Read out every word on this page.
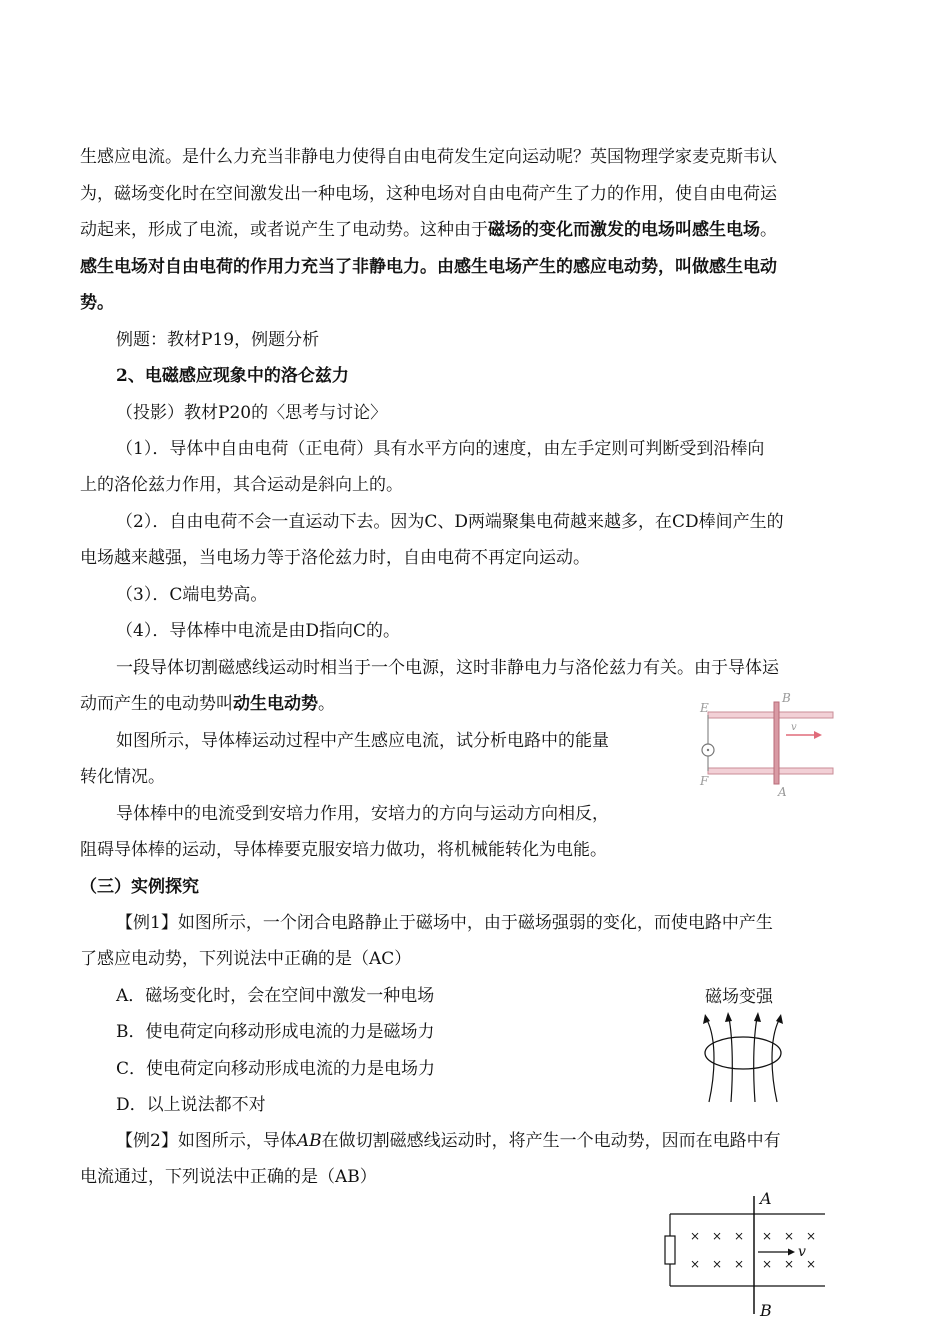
生感应电流。是什么力充当非静电力使得自由电荷发生定向运动呢？英国物理学家麦克斯韦认
为，磁场变化时在空间激发出一种电场，这种电场对自由电荷产生了力的作用，使自由电荷运
动起来，形成了电流，或者说产生了电动势。这种由于磁场的变化而激发的电场叫感生电场。
感生电场对自由电荷的作用力充当了非静电力。由感生电场产生的感应电动势，叫做感生电动
势。
例题：教材P19，例题分析
2、电磁感应现象中的洛仑兹力
（投影）教材P20的〈思考与讨论〉
（1）．导体中自由电荷（正电荷）具有水平方向的速度，由左手定则可判断受到沿棒向
上的洛伦兹力作用，其合运动是斜向上的。
（2）．自由电荷不会一直运动下去。因为C、D两端聚集电荷越来越多，在CD棒间产生的
电场越来越强，当电场力等于洛伦兹力时，自由电荷不再定向运动。
（3）．C端电势高。
（4）．导体棒中电流是由D指向C的。
一段导体切割磁感线运动时相当于一个电源，这时非静电力与洛伦兹力有关。由于导体运
动而产生的电动势叫动生电动势。
如图所示，导体棒运动过程中产生感应电流，试分析电路中的能量
转化情况。
导体棒中的电流受到安培力作用，安培力的方向与运动方向相反，
阻碍导体棒的运动，导体棒要克服安培力做功，将机械能转化为电能。
v
E
F
B
A
（三）实例探究
【例1】如图所示，一个闭合电路静止于磁场中，由于磁场强弱的变化，而使电路中产生
了感应电动势，下列说法中正确的是（AC）
A．磁场变化时，会在空间中激发一种电场
B．使电荷定向移动形成电流的力是磁场力
C．使电荷定向移动形成电流的力是电场力
D．以上说法都不对
磁场变强
【例2】如图所示，导体AB在做切割磁感线运动时，将产生一个电动势，因而在电路中有
电流通过，下列说法中正确的是（AB）
A
B
× × × × × ×
× × × × × ×
v
